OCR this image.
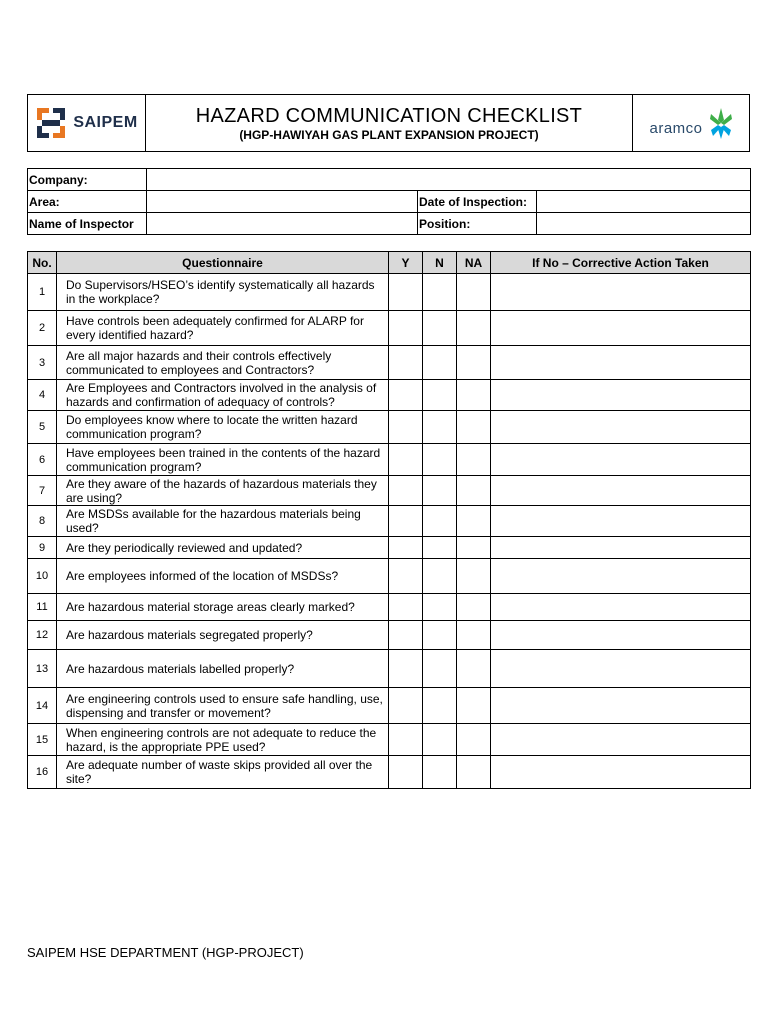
SAIPEM	HAZARD COMMUNICATION CHECKLIST
(HGP-HAWIYAH GAS PLANT EXPANSION PROJECT)	aramco
Company:			
Area:		Date of Inspection:	
Name of Inspector		Position:	
No.	Questionnaire	Y	N	NA	If No – Corrective Action Taken
1	Do Supervisors/HSEO’s identify systematically all hazards in the workplace?				
2	Have controls been adequately confirmed for ALARP for every identified hazard?				
3	Are all major hazards and their controls effectively communicated to employees and Contractors?				
4	Are Employees and Contractors involved in the analysis of hazards and confirmation of adequacy of controls?				
5	Do employees know where to locate the written hazard communication program?				
6	Have employees been trained in the contents of the hazard communication program?				
7	Are they aware of the hazards of hazardous materials they are using?				
8	Are MSDSs available for the hazardous materials being used?				
9	Are they periodically reviewed and updated?				
10	Are employees informed of the location of MSDSs?				
11	Are hazardous material storage areas clearly marked?				
12	Are hazardous materials segregated properly?				
13	Are hazardous materials labelled properly?				
14	Are engineering controls used to ensure safe handling, use, dispensing and transfer or movement?				
15	When engineering controls are not adequate to reduce the hazard, is the appropriate PPE used?				
16	Are adequate number of waste skips provided all over the site?				
SAIPEM HSE DEPARTMENT (HGP-PROJECT)
